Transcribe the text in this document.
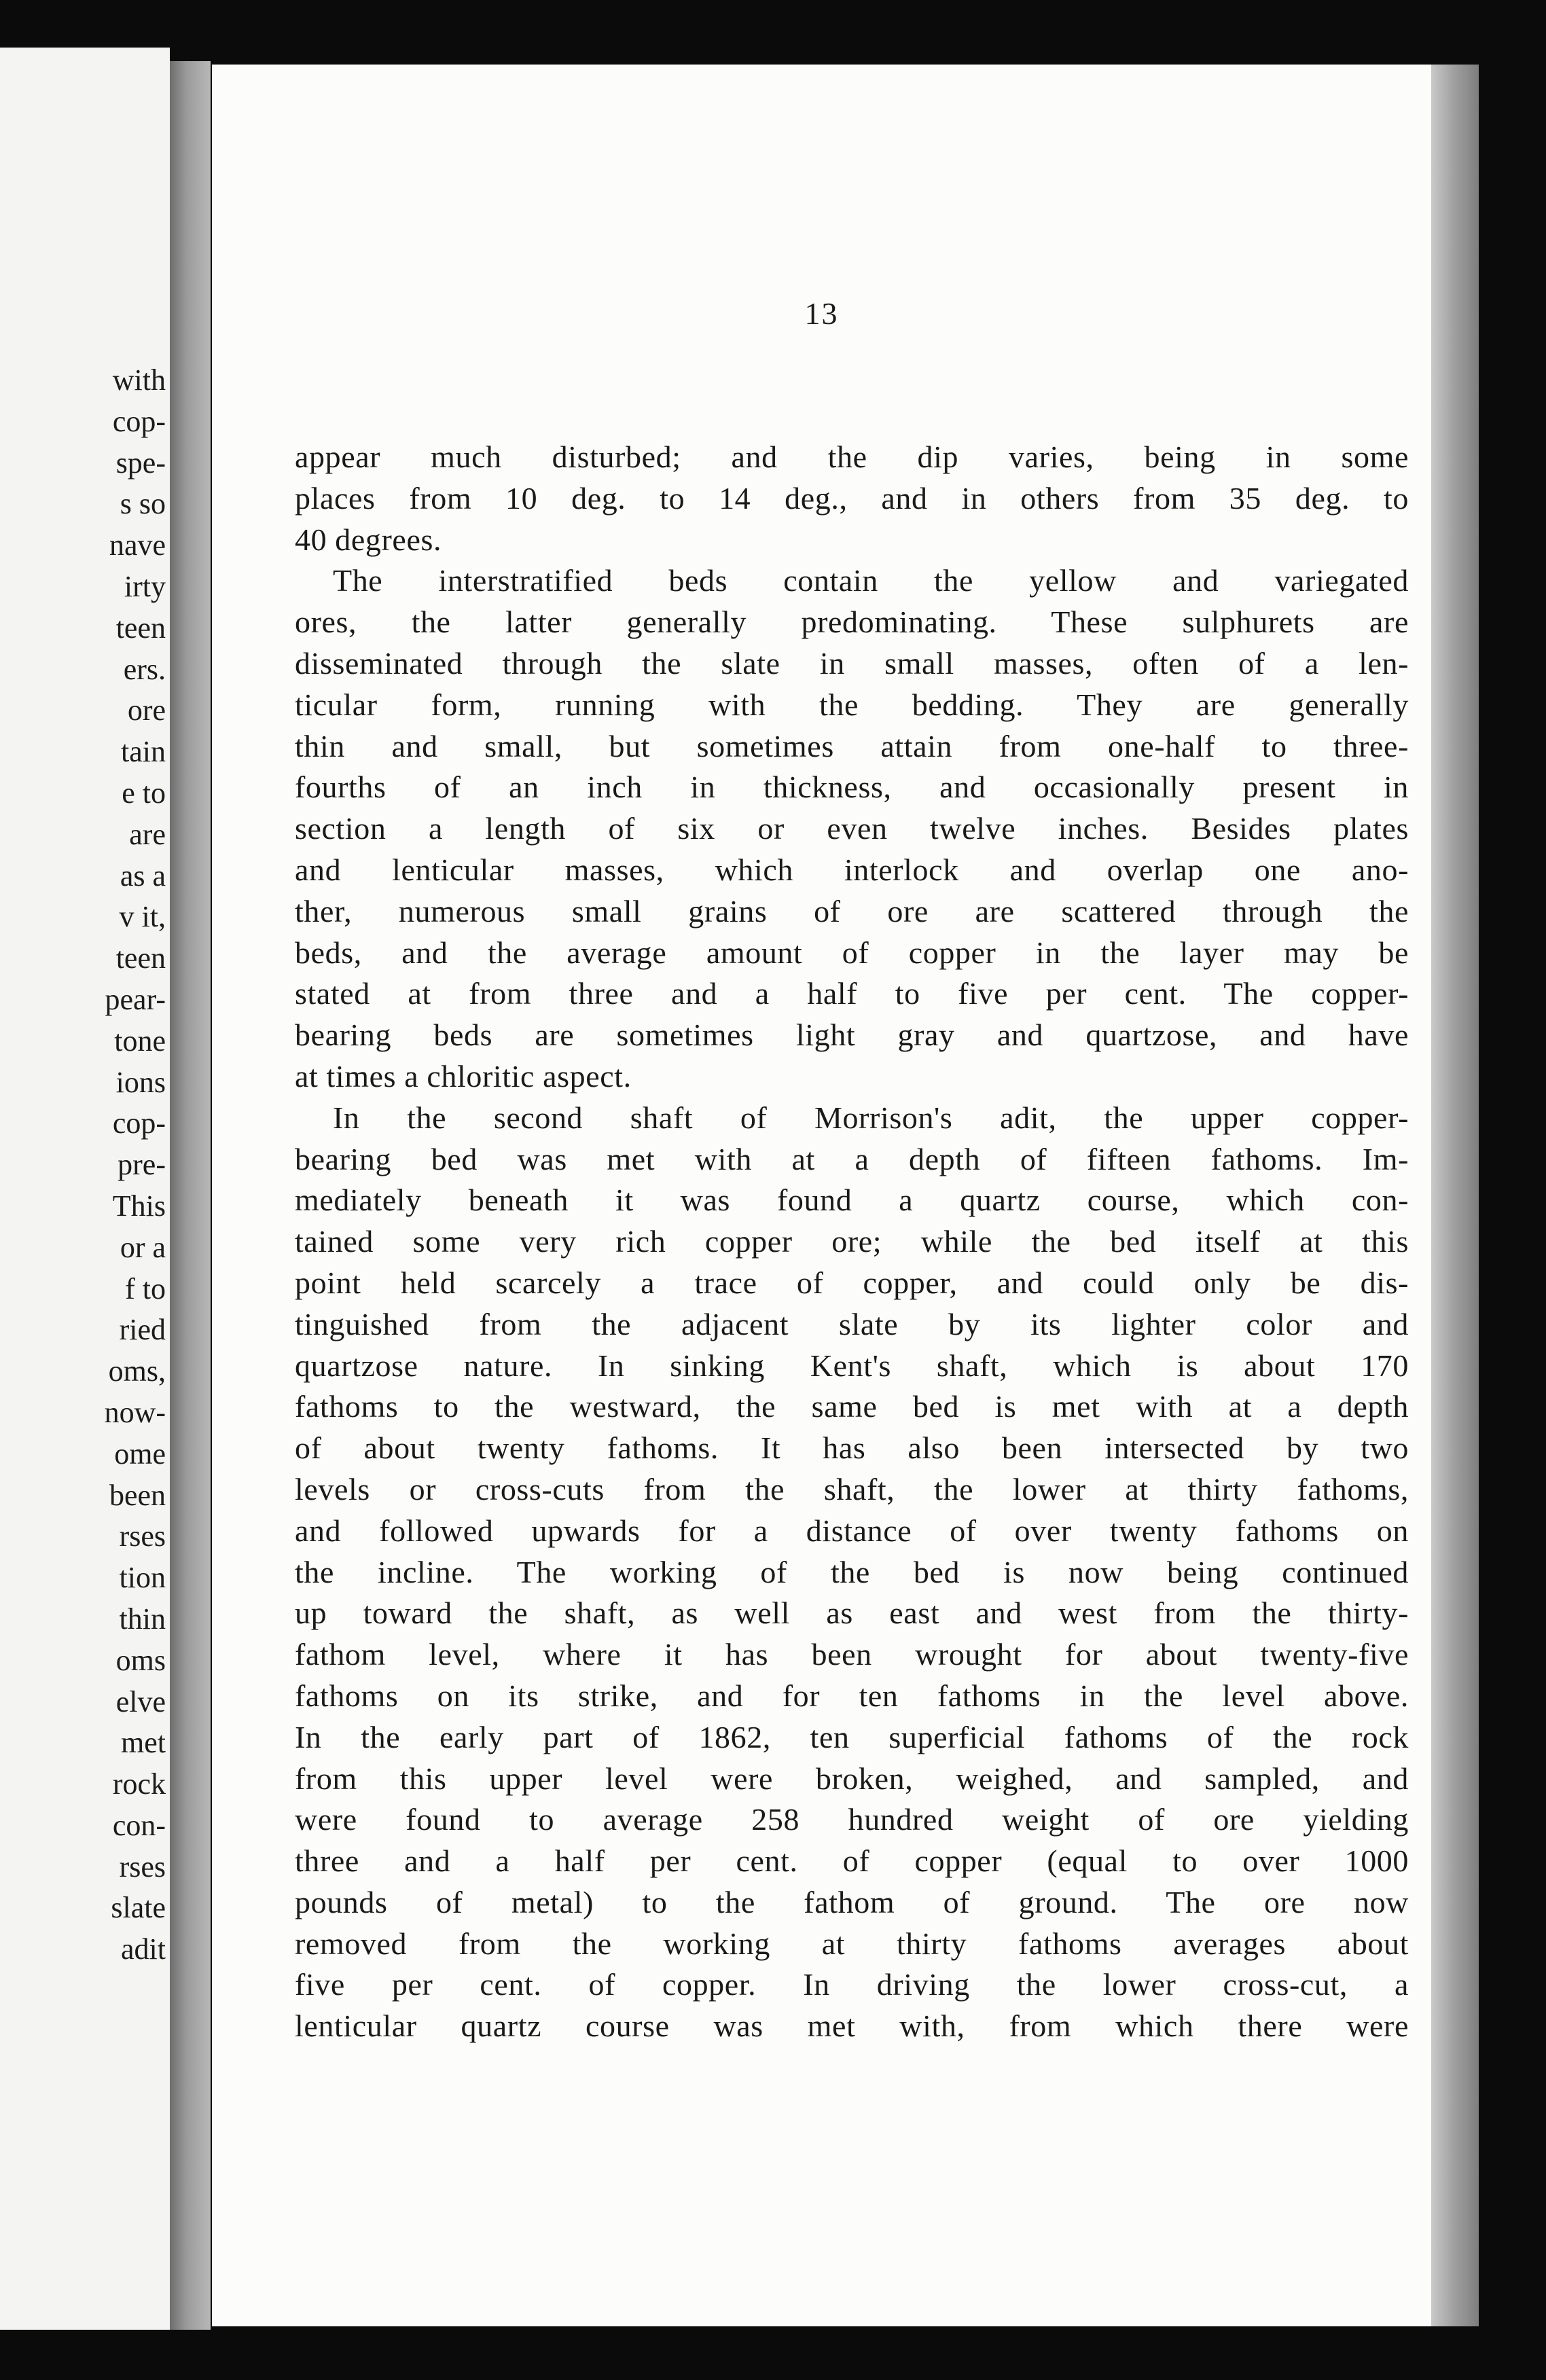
with
cop-
spe-
s so
nave
irty
teen
ers.
ore
tain
e to
are
as a
v it,
teen
pear-
tone
ions
cop-
pre-
This
or a
f to
ried
oms,
now-
ome
been
rses
tion
thin
oms
elve
met
rock
con-
rses
slate
adit
13
appear much disturbed; and the dip varies, being in some
places from 10 deg. to 14 deg., and in others from 35 deg. to
40 degrees.
The interstratified beds contain the yellow and variegated
ores, the latter generally predominating. These sulphurets are
disseminated through the slate in small masses, often of a len-
ticular form, running with the bedding. They are generally
thin and small, but sometimes attain from one-half to three-
fourths of an inch in thickness, and occasionally present in
section a length of six or even twelve inches. Besides plates
and lenticular masses, which interlock and overlap one ano-
ther, numerous small grains of ore are scattered through the
beds, and the average amount of copper in the layer may be
stated at from three and a half to five per cent. The copper-
bearing beds are sometimes light gray and quartzose, and have
at times a chloritic aspect.
In the second shaft of Morrison's adit, the upper copper-
bearing bed was met with at a depth of fifteen fathoms. Im-
mediately beneath it was found a quartz course, which con-
tained some very rich copper ore; while the bed itself at this
point held scarcely a trace of copper, and could only be dis-
tinguished from the adjacent slate by its lighter color and
quartzose nature. In sinking Kent's shaft, which is about 170
fathoms to the westward, the same bed is met with at a depth
of about twenty fathoms. It has also been intersected by two
levels or cross-cuts from the shaft, the lower at thirty fathoms,
and followed upwards for a distance of over twenty fathoms on
the incline. The working of the bed is now being continued
up toward the shaft, as well as east and west from the thirty-
fathom level, where it has been wrought for about twenty-five
fathoms on its strike, and for ten fathoms in the level above.
In the early part of 1862, ten superficial fathoms of the rock
from this upper level were broken, weighed, and sampled, and
were found to average 258 hundred weight of ore yielding
three and a half per cent. of copper (equal to over 1000
pounds of metal) to the fathom of ground. The ore now
removed from the working at thirty fathoms averages about
five per cent. of copper. In driving the lower cross-cut, a
lenticular quartz course was met with, from which there were
